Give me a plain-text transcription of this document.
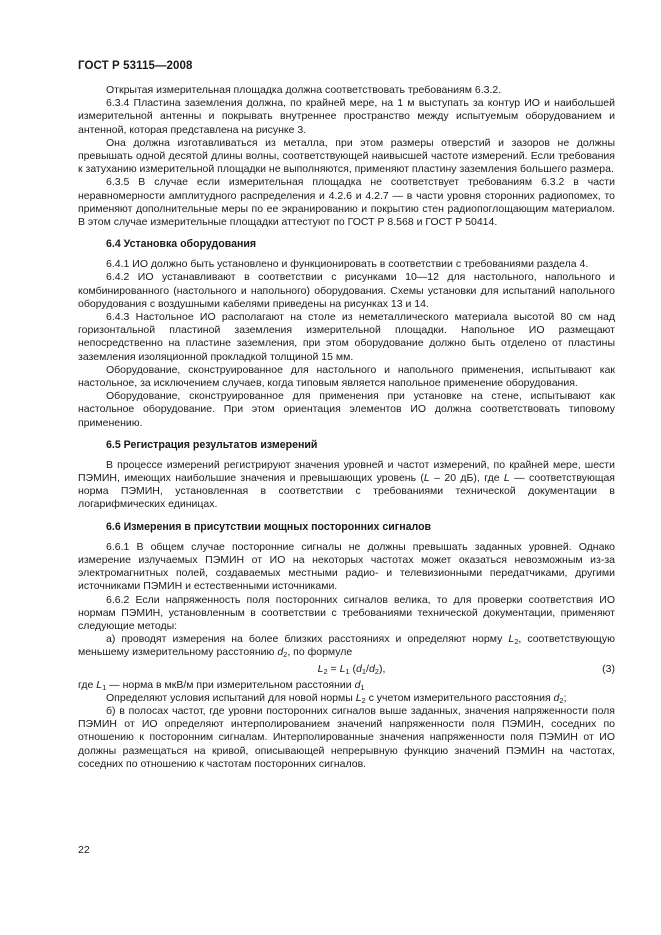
ГОСТ Р 53115—2008

Открытая измерительная площадка должна соответствовать требованиям 6.3.2.

6.3.4 Пластина заземления должна, по крайней мере, на 1 м выступать за контур ИО и наибольшей измерительной антенны и покрывать внутреннее пространство между испытуемым оборудованием и антенной, которая представлена на рисунке 3.

Она должна изготавливаться из металла, при этом размеры отверстий и зазоров не должны превышать одной десятой длины волны, соответствующей наивысшей частоте измерений. Если требования к затуханию измерительной площадки не выполняются, применяют пластину заземления большего размера.

6.3.5 В случае если измерительная площадка не соответствует требованиям 6.3.2 в части неравномерности амплитудного распределения и 4.2.6 и 4.2.7 — в части уровня сторонних радиопомех, то применяют дополнительные меры по ее экранированию и покрытию стен радиопоглощающим материалом. В этом случае измерительные площадки аттестуют по ГОСТ Р 8.568 и ГОСТ Р 50414.

6.4 Установка оборудования

6.4.1 ИО должно быть установлено и функционировать в соответствии с требованиями раздела 4.

6.4.2 ИО устанавливают в соответствии с рисунками 10—12 для настольного, напольного и комбинированного (настольного и напольного) оборудования. Схемы установки для испытаний напольного оборудования с воздушными кабелями приведены на рисунках 13 и 14.

6.4.3 Настольное ИО располагают на столе из неметаллического материала высотой 80 см над горизонтальной пластиной заземления измерительной площадки. Напольное ИО размещают непосредственно на пластине заземления, при этом оборудование должно быть отделено от пластины заземления изоляционной прокладкой толщиной 15 мм.

Оборудование, сконструированное для настольного и напольного применения, испытывают как настольное, за исключением случаев, когда типовым является напольное применение оборудования.

Оборудование, сконструированное для применения при установке на стене, испытывают как настольное оборудование. При этом ориентация элементов ИО должна соответствовать типовому применению.

6.5 Регистрация результатов измерений

В процессе измерений регистрируют значения уровней и частот измерений, по крайней мере, шести ПЭМИН, имеющих наибольшие значения и превышающих уровень (L – 20 дБ), где L — соответствующая норма ПЭМИН, установленная в соответствии с требованиями технической документации в логарифмических единицах.

6.6 Измерения в присутствии мощных посторонних сигналов

6.6.1 В общем случае посторонние сигналы не должны превышать заданных уровней. Однако измерение излучаемых ПЭМИН от ИО на некоторых частотах может оказаться невозможным из-за электромагнитных полей, создаваемых местными радио- и телевизионными передатчиками, другими источниками ПЭМИН и естественными источниками.

6.6.2 Если напряженность поля посторонних сигналов велика, то для проверки соответствия ИО нормам ПЭМИН, установленным в соответствии с требованиями технической документации, применяют следующие методы:

а) проводят измерения на более близких расстояниях и определяют норму $L_2$, соответствующую меньшему измерительному расстоянию $d_2$, по формуле

$L_2 = L_1$ $(d_1/d_2)$,	(3)

где $L_1$ — норма в мкВ/м при измерительном расстоянии $d_1$

Определяют условия испытаний для новой нормы $L_2$ с учетом измерительного расстояния $d_2$;

б) в полосах частот, где уровни посторонних сигналов выше заданных, значения напряженности поля ПЭМИН от ИО определяют интерполированием значений напряженности поля ПЭМИН, соседних по отношению к посторонним сигналам. Интерполированные значения напряженности поля ПЭМИН от ИО должны размещаться на кривой, описывающей непрерывную функцию значений ПЭМИН на частотах, соседних по отношению к частотам посторонних сигналов.

22
